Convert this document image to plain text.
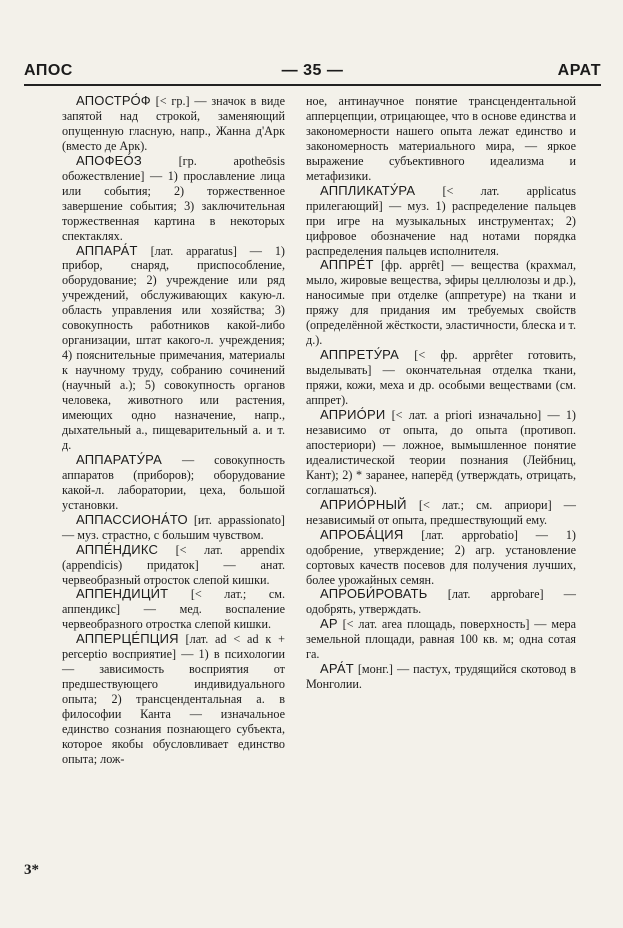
АПОС	— 35 —	АРАТ

АПОСТРО́Ф [< гр.] — значок в виде запятой над строкой, заменяющий опущенную гласную, напр., Жанна д'Арк (вместо де Арк).

АПОФЕО́З [гр. apotheōsis обожествление] — 1) прославление лица или события; 2) торжественное завершение события; 3) заключительная торжественная картина в некоторых спектаклях.

АППАРА́Т [лат. apparatus] — 1) прибор, снаряд, приспособление, оборудование; 2) учреждение или ряд учреждений, обслуживающих какую-л. область управления или хозяйства; 3) совокупность работников какой-либо организации, штат какого-л. учреждения; 4) пояснительные примечания, материалы к научному труду, собранию сочинений (научный а.); 5) совокупность органов человека, животного или растения, имеющих одно назначение, напр., дыхательный а., пищеварительный а. и т. д.

АППАРАТУ́РА — совокупность аппаратов (приборов); оборудование какой-л. лаборатории, цеха, большой установки.

АППАССИОНА́ТО [ит. appassionato] — муз. страстно, с большим чувством.

АППЕ́НДИКС [< лат. appendix (appendicis) придаток] — анат. червеобразный отросток слепой кишки.

АППЕНДИЦИ́Т [< лат.; см. аппендикс] — мед. воспаление червеобразного отростка слепой кишки.

АППЕРЦЕ́ПЦИЯ [лат. ad < ad к + perceptio восприятие] — 1) в психологии — зависимость восприятия от предшествующего индивидуального опыта; 2) трансцендентальная а. в философии Канта — изначальное единство сознания познающего субъекта, которое якобы обусловливает единство опыта; лож-

ное, антинаучное понятие трансцендентальной апперцепции, отрицающее, что в основе единства и закономерности нашего опыта лежат единство и закономерность материального мира, — яркое выражение субъективного идеализма и метафизики.

АППЛИКАТУ́РА [< лат. applicatus прилегающий] — муз. 1) распределение пальцев при игре на музыкальных инструментах; 2) цифровое обозначение над нотами порядка распределения пальцев исполнителя.

АППРЕ́Т [фр. apprêt] — вещества (крахмал, мыло, жировые вещества, эфиры целлюлозы и др.), наносимые при отделке (аппретуре) на ткани и пряжу для придания им требуемых свойств (определённой жёсткости, эластичности, блеска и т. д.).

АППРЕТУ́РА [< фр. apprêter готовить, выделывать] — окончательная отделка ткани, пряжи, кожи, меха и др. особыми веществами (см. аппрет).

АПРИО́РИ [< лат. a priori изначально] — 1) независимо от опыта, до опыта (противоп. апостериори) — ложное, вымышленное понятие идеалистической теории познания (Лейбниц, Кант); 2) * заранее, наперёд (утверждать, отрицать, соглашаться).

АПРИО́РНЫЙ [< лат.; см. априори] — независимый от опыта, предшествующий ему.

АПРОБА́ЦИЯ [лат. approbatio] — 1) одобрение, утверждение; 2) агр. установление сортовых качеств посевов для получения лучших, более урожайных семян.

АПРОБИ́РОВАТЬ [лат. approbare] — одобрять, утверждать.

АР [< лат. area площадь, поверхность] — мера земельной площади, равная 100 кв. м; одна сотая га.

АРА́Т [монг.] — пастух, трудящийся скотовод в Монголии.

3*
